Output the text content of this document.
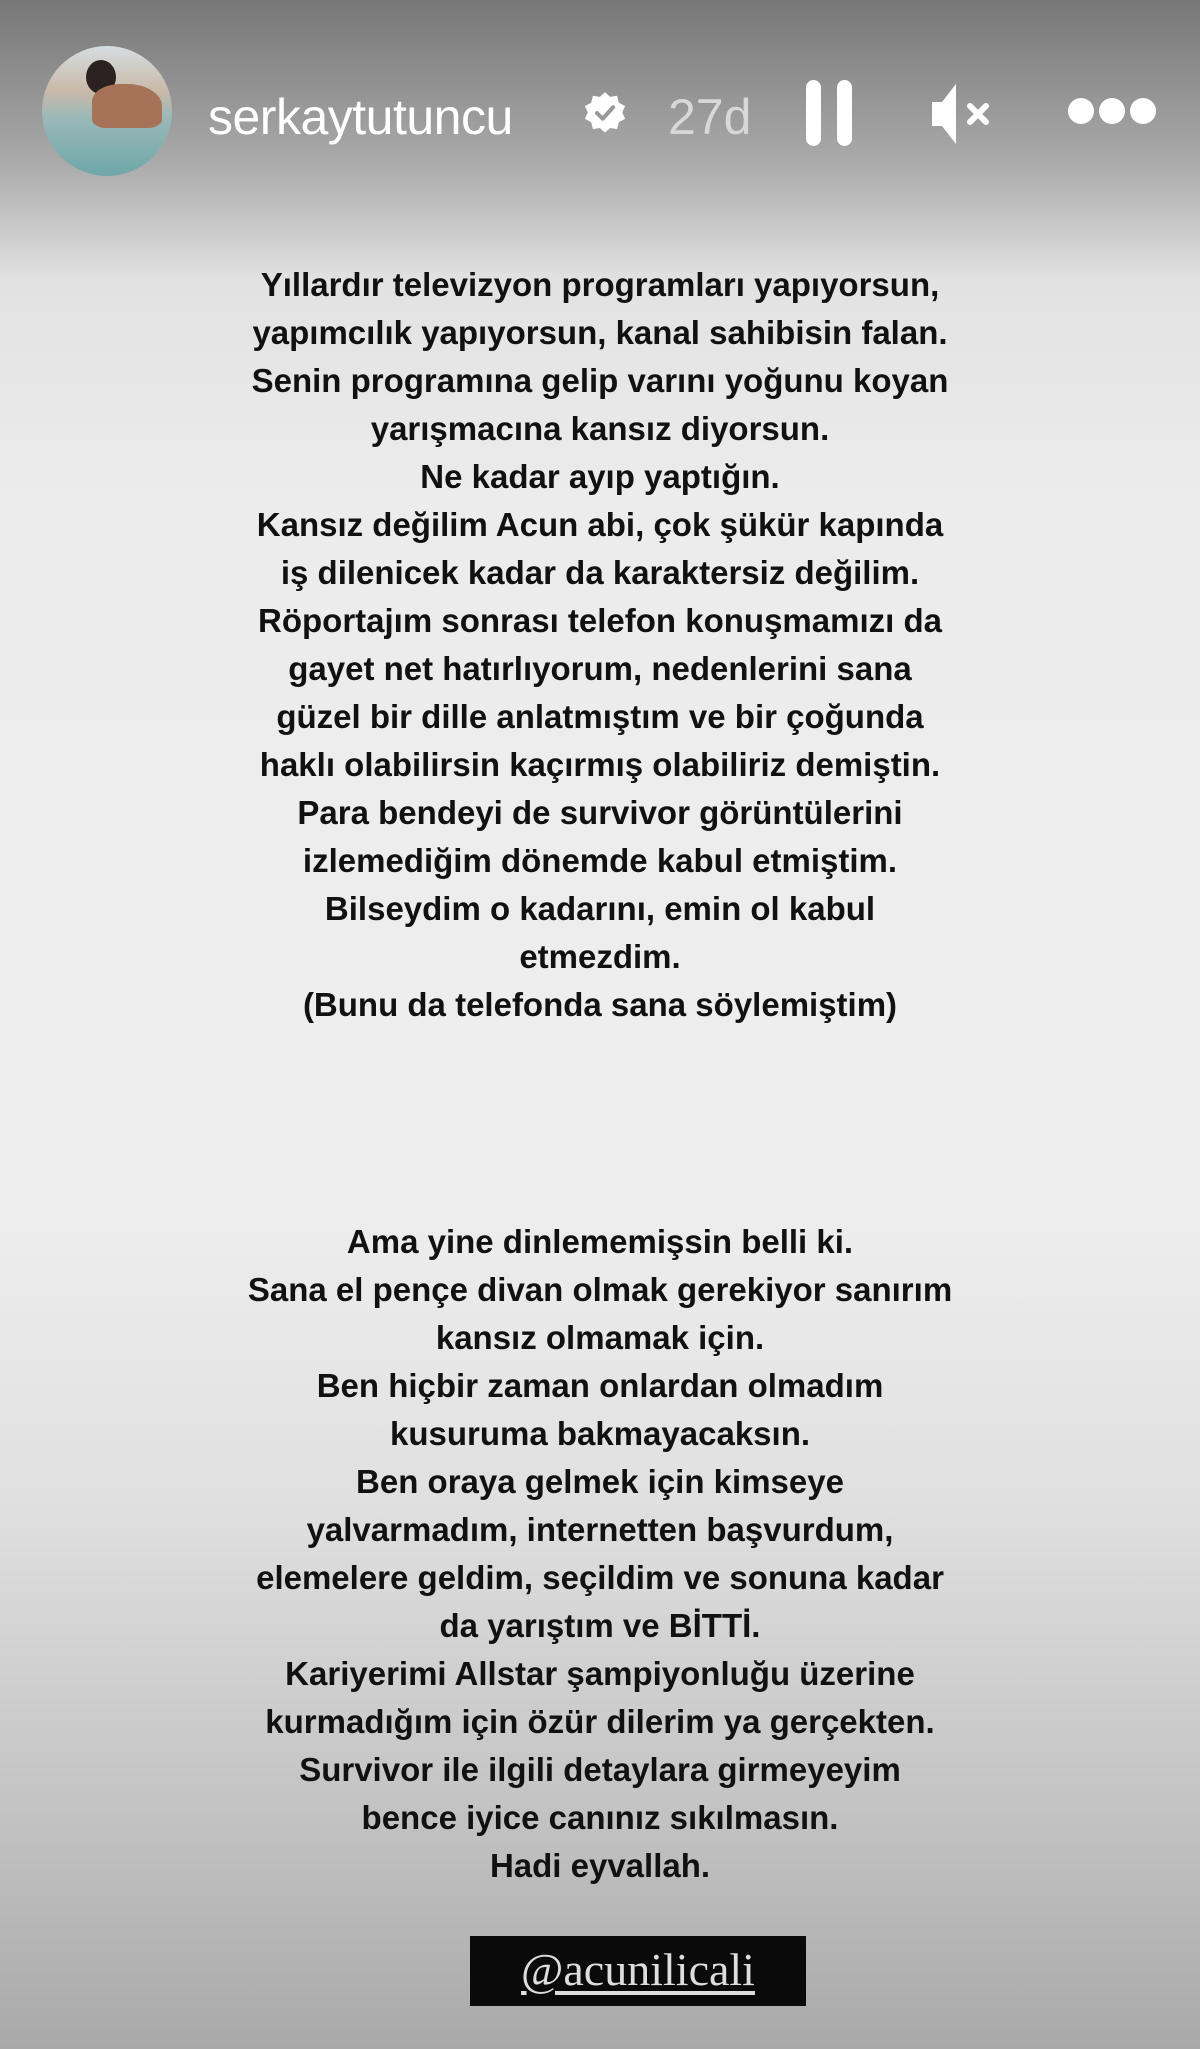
serkaytutuncu	27d
Yıllardır televizyon programları yapıyorsun,
yapımcılık yapıyorsun, kanal sahibisin falan.
Senin programına gelip varını yoğunu koyan
yarışmacına kansız diyorsun.
Ne kadar ayıp yaptığın.
Kansız değilim Acun abi, çok şükür kapında
iş dilenicek kadar da karaktersiz değilim.
Röportajım sonrası telefon konuşmamızı da
gayet net hatırlıyorum, nedenlerini sana
güzel bir dille anlatmıştım ve bir çoğunda
haklı olabilirsin kaçırmış olabiliriz demiştin.
Para bendeyi de survivor görüntülerini
izlemediğim dönemde kabul etmiştim.
Bilseydim o kadarını, emin ol kabul
etmezdim.
(Bunu da telefonda sana söylemiştim)
Ama yine dinlememişsin belli ki.
Sana el pençe divan olmak gerekiyor sanırım
kansız olmamak için.
Ben hiçbir zaman onlardan olmadım
kusuruma bakmayacaksın.
Ben oraya gelmek için kimseye
yalvarmadım, internetten başvurdum,
elemelere geldim, seçildim ve sonuna kadar
da yarıştım ve BİTTİ.
Kariyerimi Allstar şampiyonluğu üzerine
kurmadığım için özür dilerim ya gerçekten.
Survivor ile ilgili detaylara girmeyeyim
bence iyice canınız sıkılmasın.
Hadi eyvallah.
@acunilicali
